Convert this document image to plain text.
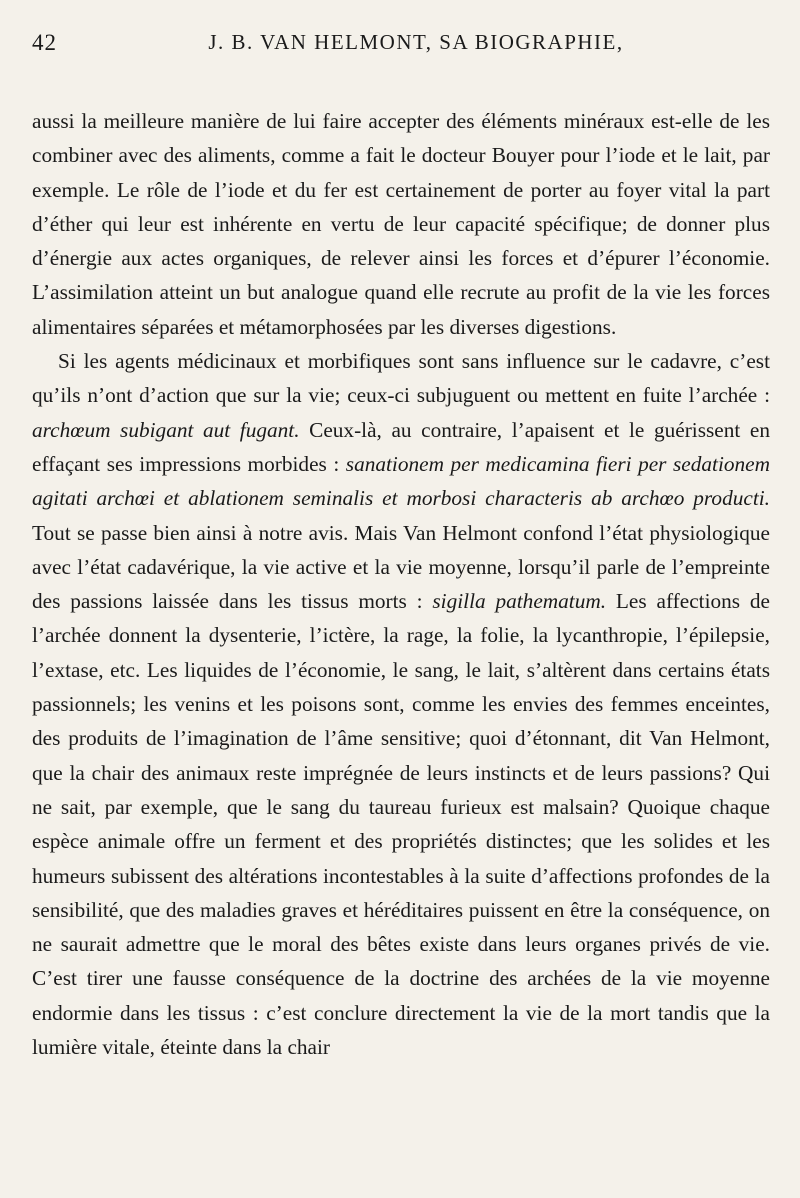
42	J. B. VAN HELMONT, SA BIOGRAPHIE,

aussi la meilleure manière de lui faire accepter des éléments minéraux est-elle de les combiner avec des aliments, comme a fait le docteur Bouyer pour l’iode et le lait, par exemple. Le rôle de l’iode et du fer est certainement de porter au foyer vital la part d’éther qui leur est inhérente en vertu de leur capacité spécifique; de donner plus d’énergie aux actes organiques, de relever ainsi les forces et d’épurer l’économie. L’assimilation atteint un but analogue quand elle recrute au profit de la vie les forces alimentaires séparées et métamorphosées par les diverses digestions.

Si les agents médicinaux et morbifiques sont sans influence sur le cadavre, c’est qu’ils n’ont d’action que sur la vie; ceux-ci subjuguent ou mettent en fuite l’archée : archœum subigant aut fugant. Ceux-là, au contraire, l’apaisent et le guérissent en effaçant ses impressions morbides : sanationem per medicamina fieri per sedationem agitati archœi et ablationem seminalis et morbosi characteris ab archœo producti. Tout se passe bien ainsi à notre avis. Mais Van Helmont confond l’état physiologique avec l’état cadavérique, la vie active et la vie moyenne, lorsqu’il parle de l’empreinte des passions laissée dans les tissus morts : sigilla pathematum. Les affections de l’archée donnent la dysenterie, l’ictère, la rage, la folie, la lycanthropie, l’épilepsie, l’extase, etc. Les liquides de l’économie, le sang, le lait, s’altèrent dans certains états passionnels; les venins et les poisons sont, comme les envies des femmes enceintes, des produits de l’imagination de l’âme sensitive; quoi d’étonnant, dit Van Helmont, que la chair des animaux reste imprégnée de leurs instincts et de leurs passions? Qui ne sait, par exemple, que le sang du taureau furieux est malsain? Quoique chaque espèce animale offre un ferment et des propriétés distinctes; que les solides et les humeurs subissent des altérations incontestables à la suite d’affections profondes de la sensibilité, que des maladies graves et héréditaires puissent en être la conséquence, on ne saurait admettre que le moral des bêtes existe dans leurs organes privés de vie. C’est tirer une fausse conséquence de la doctrine des archées de la vie moyenne endormie dans les tissus : c’est conclure directement la vie de la mort tandis que la lumière vitale, éteinte dans la chair
